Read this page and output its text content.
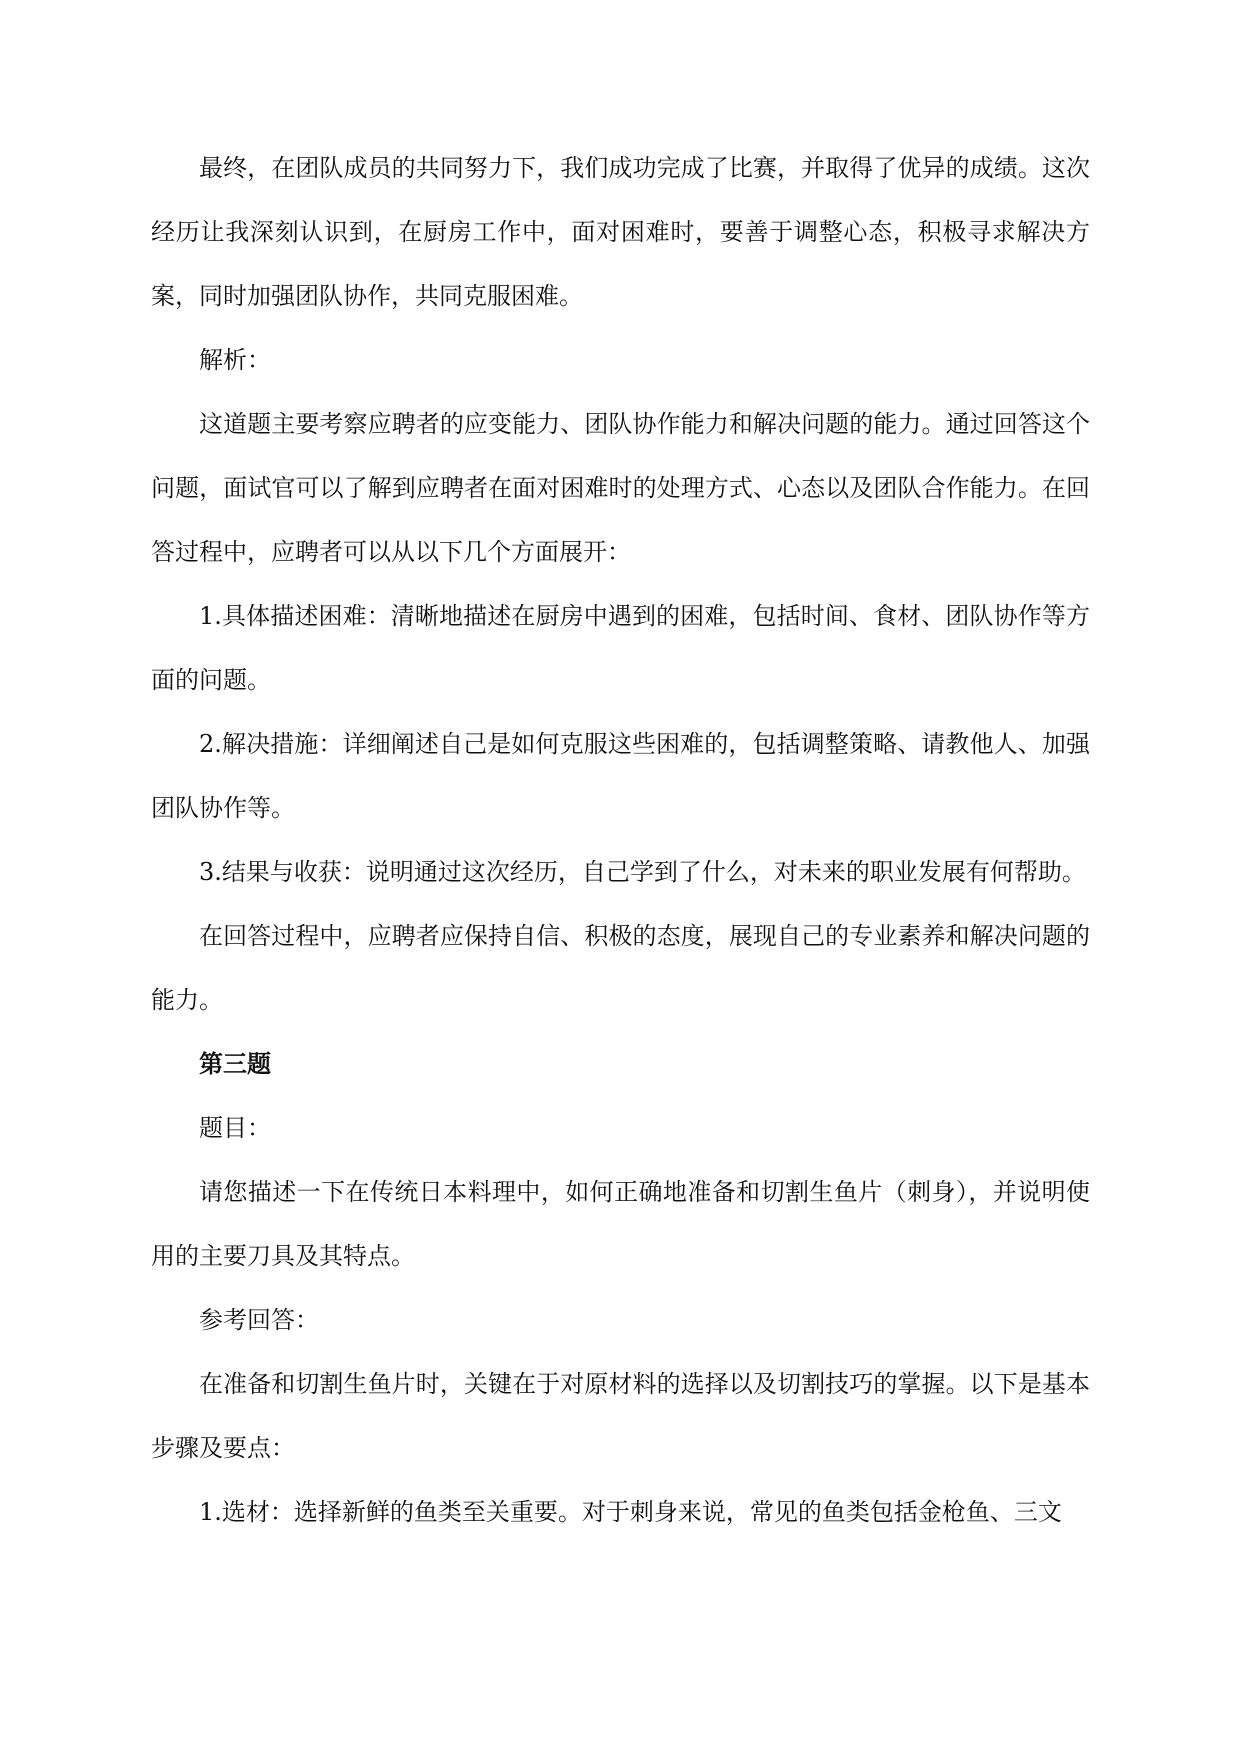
最终，在团队成员的共同努力下，我们成功完成了比赛，并取得了优异的成绩。这次经历让我深刻认识到，在厨房工作中，面对困难时，要善于调整心态，积极寻求解决方案，同时加强团队协作，共同克服困难。

解析：

这道题主要考察应聘者的应变能力、团队协作能力和解决问题的能力。通过回答这个问题，面试官可以了解到应聘者在面对困难时的处理方式、心态以及团队合作能力。在回答过程中，应聘者可以从以下几个方面展开：

1.具体描述困难：清晰地描述在厨房中遇到的困难，包括时间、食材、团队协作等方面的问题。

2.解决措施：详细阐述自己是如何克服这些困难的，包括调整策略、请教他人、加强团队协作等。

3.结果与收获：说明通过这次经历，自己学到了什么，对未来的职业发展有何帮助。

在回答过程中，应聘者应保持自信、积极的态度，展现自己的专业素养和解决问题的能力。

第三题

题目：

请您描述一下在传统日本料理中，如何正确地准备和切割生鱼片（刺身），并说明使用的主要刀具及其特点。

参考回答：

在准备和切割生鱼片时，关键在于对原材料的选择以及切割技巧的掌握。以下是基本步骤及要点：

1.选材：选择新鲜的鱼类至关重要。对于刺身来说，常见的鱼类包括金枪鱼、三文
